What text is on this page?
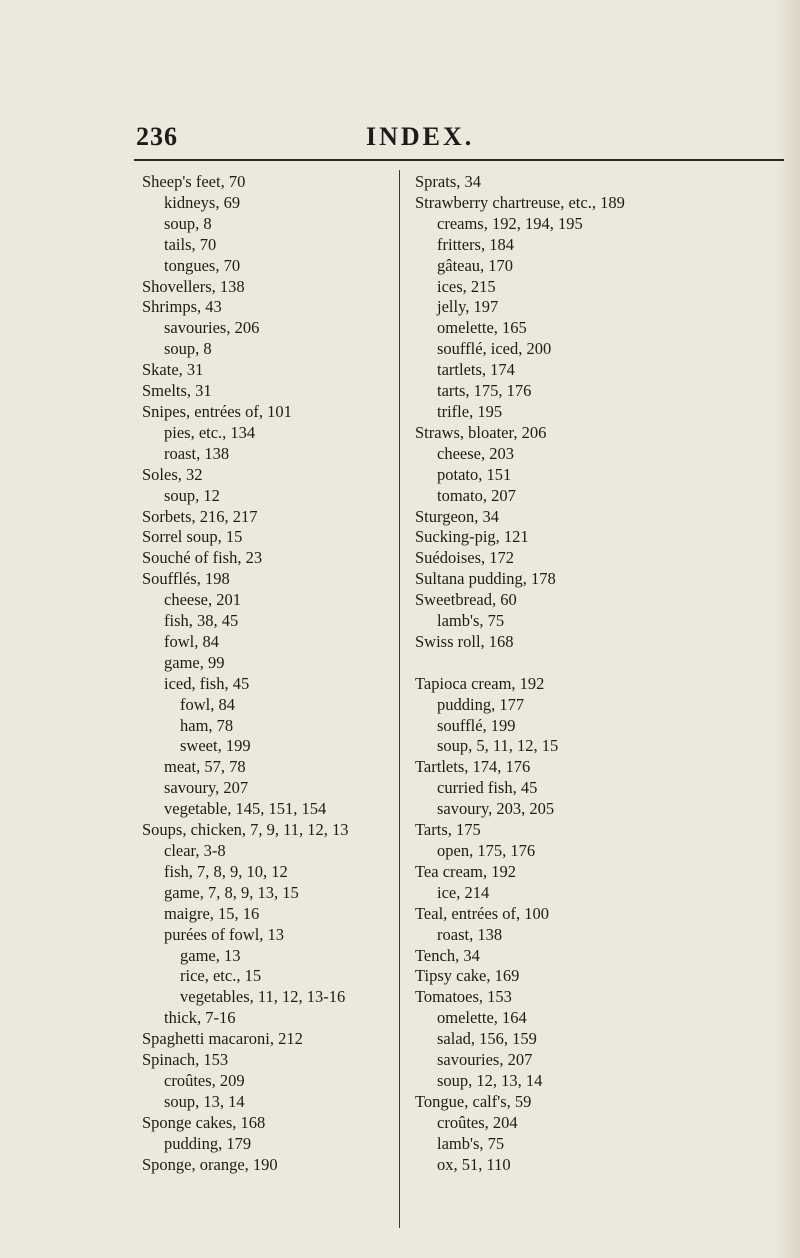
236	INDEX.
Sheep's feet, 70
kidneys, 69
soup, 8
tails, 70
tongues, 70
Shovellers, 138
Shrimps, 43
savouries, 206
soup, 8
Skate, 31
Smelts, 31
Snipes, entrées of, 101
pies, etc., 134
roast, 138
Soles, 32
soup, 12
Sorbets, 216, 217
Sorrel soup, 15
Souché of fish, 23
Soufflés, 198
cheese, 201
fish, 38, 45
fowl, 84
game, 99
iced, fish, 45
fowl, 84
ham, 78
sweet, 199
meat, 57, 78
savoury, 207
vegetable, 145, 151, 154
Soups, chicken, 7, 9, 11, 12, 13
clear, 3-8
fish, 7, 8, 9, 10, 12
game, 7, 8, 9, 13, 15
maigre, 15, 16
purées of fowl, 13
game, 13
rice, etc., 15
vegetables, 11, 12, 13-16
thick, 7-16
Spaghetti macaroni, 212
Spinach, 153
croûtes, 209
soup, 13, 14
Sponge cakes, 168
pudding, 179
Sponge, orange, 190
Sprats, 34
Strawberry chartreuse, etc., 189
creams, 192, 194, 195
fritters, 184
gâteau, 170
ices, 215
jelly, 197
omelette, 165
soufflé, iced, 200
tartlets, 174
tarts, 175, 176
trifle, 195
Straws, bloater, 206
cheese, 203
potato, 151
tomato, 207
Sturgeon, 34
Sucking-pig, 121
Suédoises, 172
Sultana pudding, 178
Sweetbread, 60
lamb's, 75
Swiss roll, 168

Tapioca cream, 192
pudding, 177
soufflé, 199
soup, 5, 11, 12, 15
Tartlets, 174, 176
curried fish, 45
savoury, 203, 205
Tarts, 175
open, 175, 176
Tea cream, 192
ice, 214
Teal, entrées of, 100
roast, 138
Tench, 34
Tipsy cake, 169
Tomatoes, 153
omelette, 164
salad, 156, 159
savouries, 207
soup, 12, 13, 14
Tongue, calf's, 59
croûtes, 204
lamb's, 75
ox, 51, 110
